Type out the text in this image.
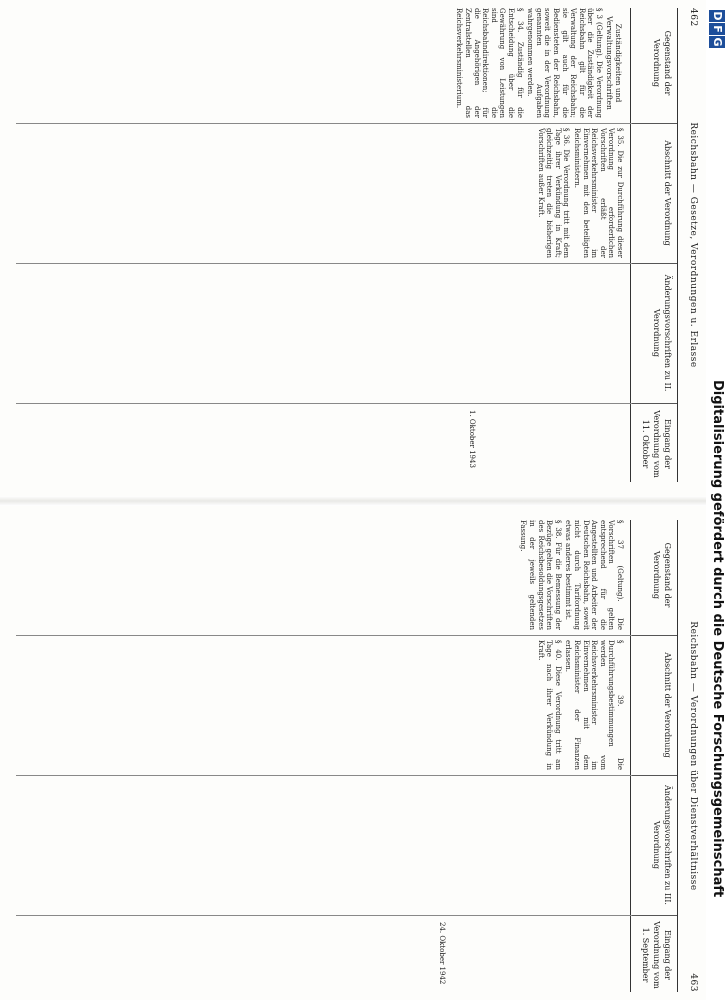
462
Reichsbahn — Gesetze, Verordnungen u. Erlasse
Gegenstand der Verordnung
Abschnitt der Verordnung
Änderungsvorschriften zu II. Verordnung
Eingang der Verordnung vom 11. Oktober
Zuständigkeiten und Verwaltungsvorschriften

§ 3 (Geltung). Die Verordnung über die Zuständigkeit der Reichsbahn gilt für die Verwaltung der Reichsbahn; sie gilt auch für die Bediensteten der Reichsbahn, soweit die in der Verordnung genannten Aufgaben wahrgenommen werden.

§ 34. Zuständig für die Entscheidung über die Gewährung von Leistungen sind die Reichsbahndirektionen; für die Angehörigen der Zentralstellen das Reichsverkehrsministerium.

§ 35. Die zur Durchführung dieser Verordnung erforderlichen Vorschriften erläßt der Reichsverkehrsminister im Einvernehmen mit den beteiligten Reichsministern.

§ 36. Die Verordnung tritt mit dem Tage ihrer Verkündung in Kraft; gleichzeitig treten die bisherigen Vorschriften außer Kraft.

1. Oktober 1943
Reichsbahn — Verordnungen über Dienstverhältnisse
463
Gegenstand der Verordnung
Abschnitt der Verordnung
Änderungsvorschriften zu III. Verordnung
Eingang der Verordnung vom 1. September

§ 37 (Geltung). Die Vorschriften gelten entsprechend für die Angestellten und Arbeiter der Deutschen Reichsbahn, soweit nicht durch Tarifordnung etwas anderes bestimmt ist.

§ 38. Für die Bemessung der Bezüge gelten die Vorschriften des Reichsbesoldungsgesetzes in der jeweils geltenden Fassung.

§ 39. Die Durchführungsbestimmungen werden vom Reichsverkehrsminister im Einvernehmen mit dem Reichsminister der Finanzen erlassen.

§ 40. Diese Verordnung tritt am Tage nach ihrer Verkündung in Kraft.

24. Oktober 1942
D
F
G
Digitalisierung gefördert durch die Deutsche Forschungsgemeinschaft
